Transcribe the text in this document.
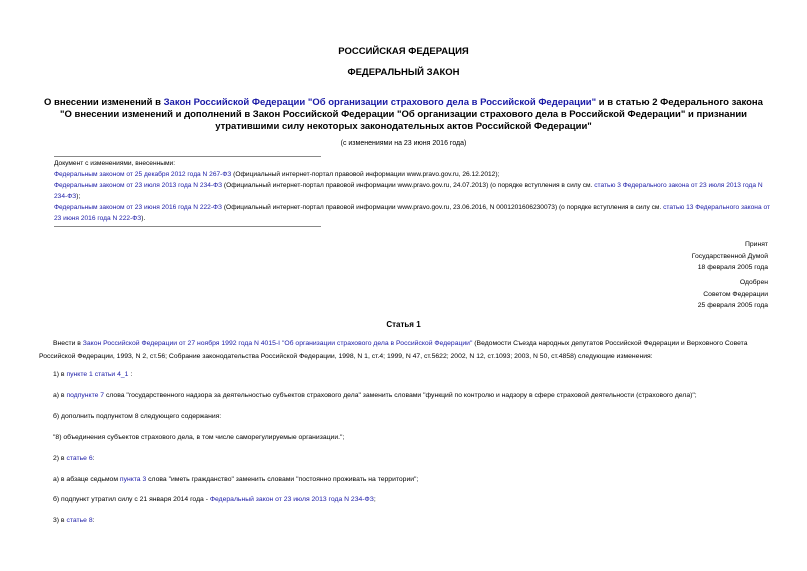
РОССИЙСКАЯ ФЕДЕРАЦИЯ
ФЕДЕРАЛЬНЫЙ ЗАКОН
О внесении изменений в Закон Российской Федерации "Об организации страхового дела в Российской Федерации" и в статью 2 Федерального закона "О внесении изменений и дополнений в Закон Российской Федерации "Об организации страхового дела в Российской Федерации" и признании утратившими силу некоторых законодательных актов Российской Федерации"
(с изменениями на 23 июня 2016 года)
Документ с изменениями, внесенными:
Федеральным законом от 25 декабря 2012 года N 267-ФЗ (Официальный интернет-портал правовой информации www.pravo.gov.ru, 26.12.2012);
Федеральным законом от 23 июля 2013 года N 234-ФЗ (Официальный интернет-портал правовой информации www.pravo.gov.ru, 24.07.2013) (о порядке вступления в силу см. статью 3 Федерального закона от 23 июля 2013 года N 234-ФЗ);
Федеральным законом от 23 июня 2016 года N 222-ФЗ (Официальный интернет-портал правовой информации www.pravo.gov.ru, 23.06.2016, N 0001201606230073) (о порядке вступления в силу см. статью 13 Федерального закона от 23 июня 2016 года N 222-ФЗ).
Принят
Государственной Думой
18 февраля 2005 года
Одобрен
Советом Федерации
25 февраля 2005 года
Статья 1
Внести в Закон Российской Федерации от 27 ноября 1992 года N 4015-I "Об организации страхового дела в Российской Федерации" (Ведомости Съезда народных депутатов Российской Федерации и Верховного Совета Российской Федерации, 1993, N 2, ст.56; Собрание законодательства Российской Федерации, 1998, N 1, ст.4; 1999, N 47, ст.5622; 2002, N 12, ст.1093; 2003, N 50, ст.4858) следующие изменения:
1) в пункте 1 статьи 4_1 :
а) в подпункте 7 слова "государственного надзора за деятельностью субъектов страхового дела" заменить словами "функций по контролю и надзору в сфере страховой деятельности (страхового дела)";
б) дополнить подпунктом 8 следующего содержания:
"8) объединения субъектов страхового дела, в том числе саморегулируемые организации.";
2) в статье 6:
а) в абзаце седьмом пункта 3 слова "иметь гражданство" заменить словами "постоянно проживать на территории";
б) подпункт утратил силу с 21 января 2014 года - Федеральный закон от 23 июля 2013 года N 234-ФЗ;
3) в статье 8:
